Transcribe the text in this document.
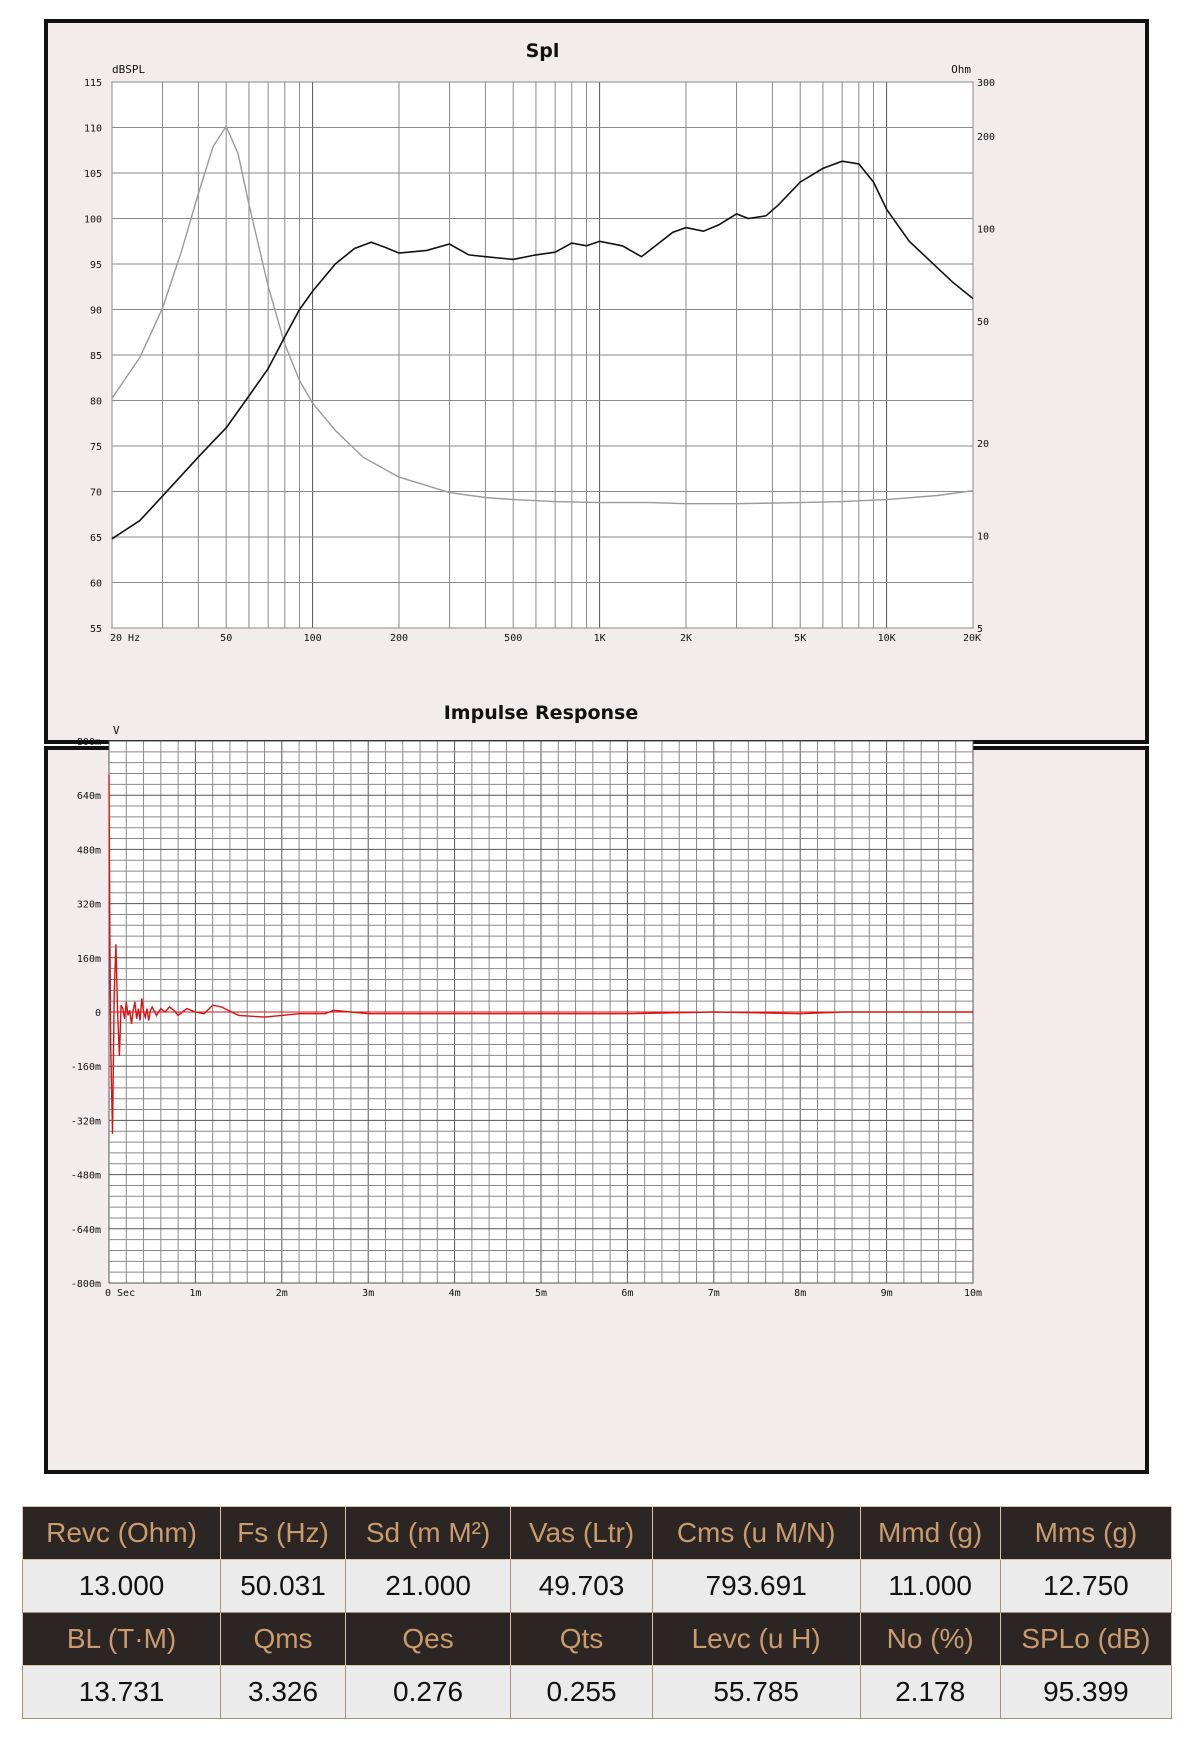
Spl
dBSPL	Ohm
115
110
105
100
95
90
85
80
75
70
65
60
55
300
200
100
50
20
10
5
20 Hz	50	100	200	500	1K	2K	5K	10K	20K
Impulse Response
V
800m
640m
480m
320m
160m
0
-160m
-320m
-480m
-640m
-800m
0 Sec	1m	2m	3m	4m	5m	6m	7m	8m	9m	10m
Revc (Ohm)	Fs (Hz)	Sd (m M²)	Vas (Ltr)	Cms (u M/N)	Mmd (g)	Mms (g)
13.000	50.031	21.000	49.703	793.691	11.000	12.750
BL (T·M)	Qms	Qes	Qts	Levc (u H)	No (%)	SPLo (dB)
13.731	3.326	0.276	0.255	55.785	2.178	95.399
